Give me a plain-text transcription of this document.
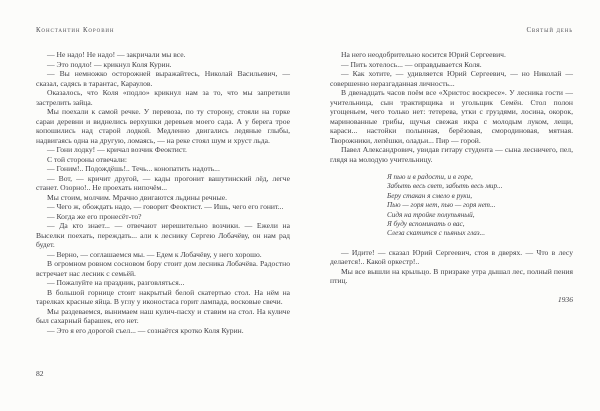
Константин Коровин

— Не надо! Не надо! — закричали мы все.

— Это подло! — крикнул Коля Курин.

— Вы немножко осторожней выражайтесь, Николай Васильевич, — сказал, садясь в тарантас, Караулов.

Оказалось, что Коля «подло» крикнул нам за то, что мы запретили застрелить зайца.

Мы поехали к самой речке. У перевоза, по ту сторону, стояли на горке сараи деревни и виднелись верхушки деревьев моего сада. А у берега трое копошились над старой лодкой. Медленно двигались ледяные глыбы, надвигаясь одна на другую, ломаясь, — на реке стоял шум и хруст льда.

— Гони лодку! — кричал возчик Феоктист.

С той стороны отвечали:

— Гоним!.. Подождёшь!.. Течь... конопатить надоть...

— Вот, — кричит другой, — кады прогонит вашутинский лёд, легче станет. Озорно!.. Не проехать нипочём...

Мы стоим, молчим. Мрачно двигаются льдины речные.

— Чего ж, обождать надо, — говорит Феоктист. — Ишь, чего его гонит...

— Когда же его пронесёт-то?

— Да кто знает... — отвечают нерешительно возчики. — Ежели на Выселки поехать, переждать... али к леснику Сергею Лобачёву, он нам рад будет.

— Верно, — соглашаемся мы. — Едем к Лобачёву, у него хорошо.

В огромном ровном сосновом бору стоит дом лесника Лобачёва. Радостно встречает нас лесник с семьёй.

— Пожалуйте на праздник, разговляться...

В большой горнице стоит накрытый белой скатертью стол. На нём на тарелках красные яйца. В углу у иконостаса горит лампада, восковые свечи.

Мы раздеваемся, вынимаем наш кулич-пасху и ставим на стол. На куличе был сахарный барашек, его нет.

— Это я его дорогой съел... — сознаётся кротко Коля Курин.

82
Святый день

На него неодобрительно косится Юрий Сергеевич.

— Пить хотелось... — оправдывается Коля.

— Как хотите, — удивляется Юрий Сергеевич, — но Николай — совершенно неразгаданная личность...

В двенадцать часов поём все «Христос воскресе». У лесника гости — учительница, сын трактирщика и угольщик Семён. Стол полон угощеньем, чего только нет: тетерева, утки с груздями, лосина, окорок, маринованные грибы, щучья свежая икра с молодым луком, лещи, караси... настойки полынная, берёзовая, смородиновая, мятная. Творожники, лепёшки, оладьи... Пир — горой.

Павел Александрович, увидав гитару студента — сына лесничего, пел, глядя на молодую учительницу.

Я пью и в радости, и в горе,

Забыть весь свет, забыть весь мир...

Беру стакан я смело в руки,

Пью — горя нет, пью — горя нет...

Сидя на тройке полупьяный,

Я буду вспоминать о вас,

Слеза скатится с пьяных глаз...

— Идите! — сказал Юрий Сергеевич, стоя в дверях. — Что в лесу делается!.. Какой оркестр!..

Мы все вышли на крыльцо. В призраке утра дышал лес, полный пения птиц.

1936
